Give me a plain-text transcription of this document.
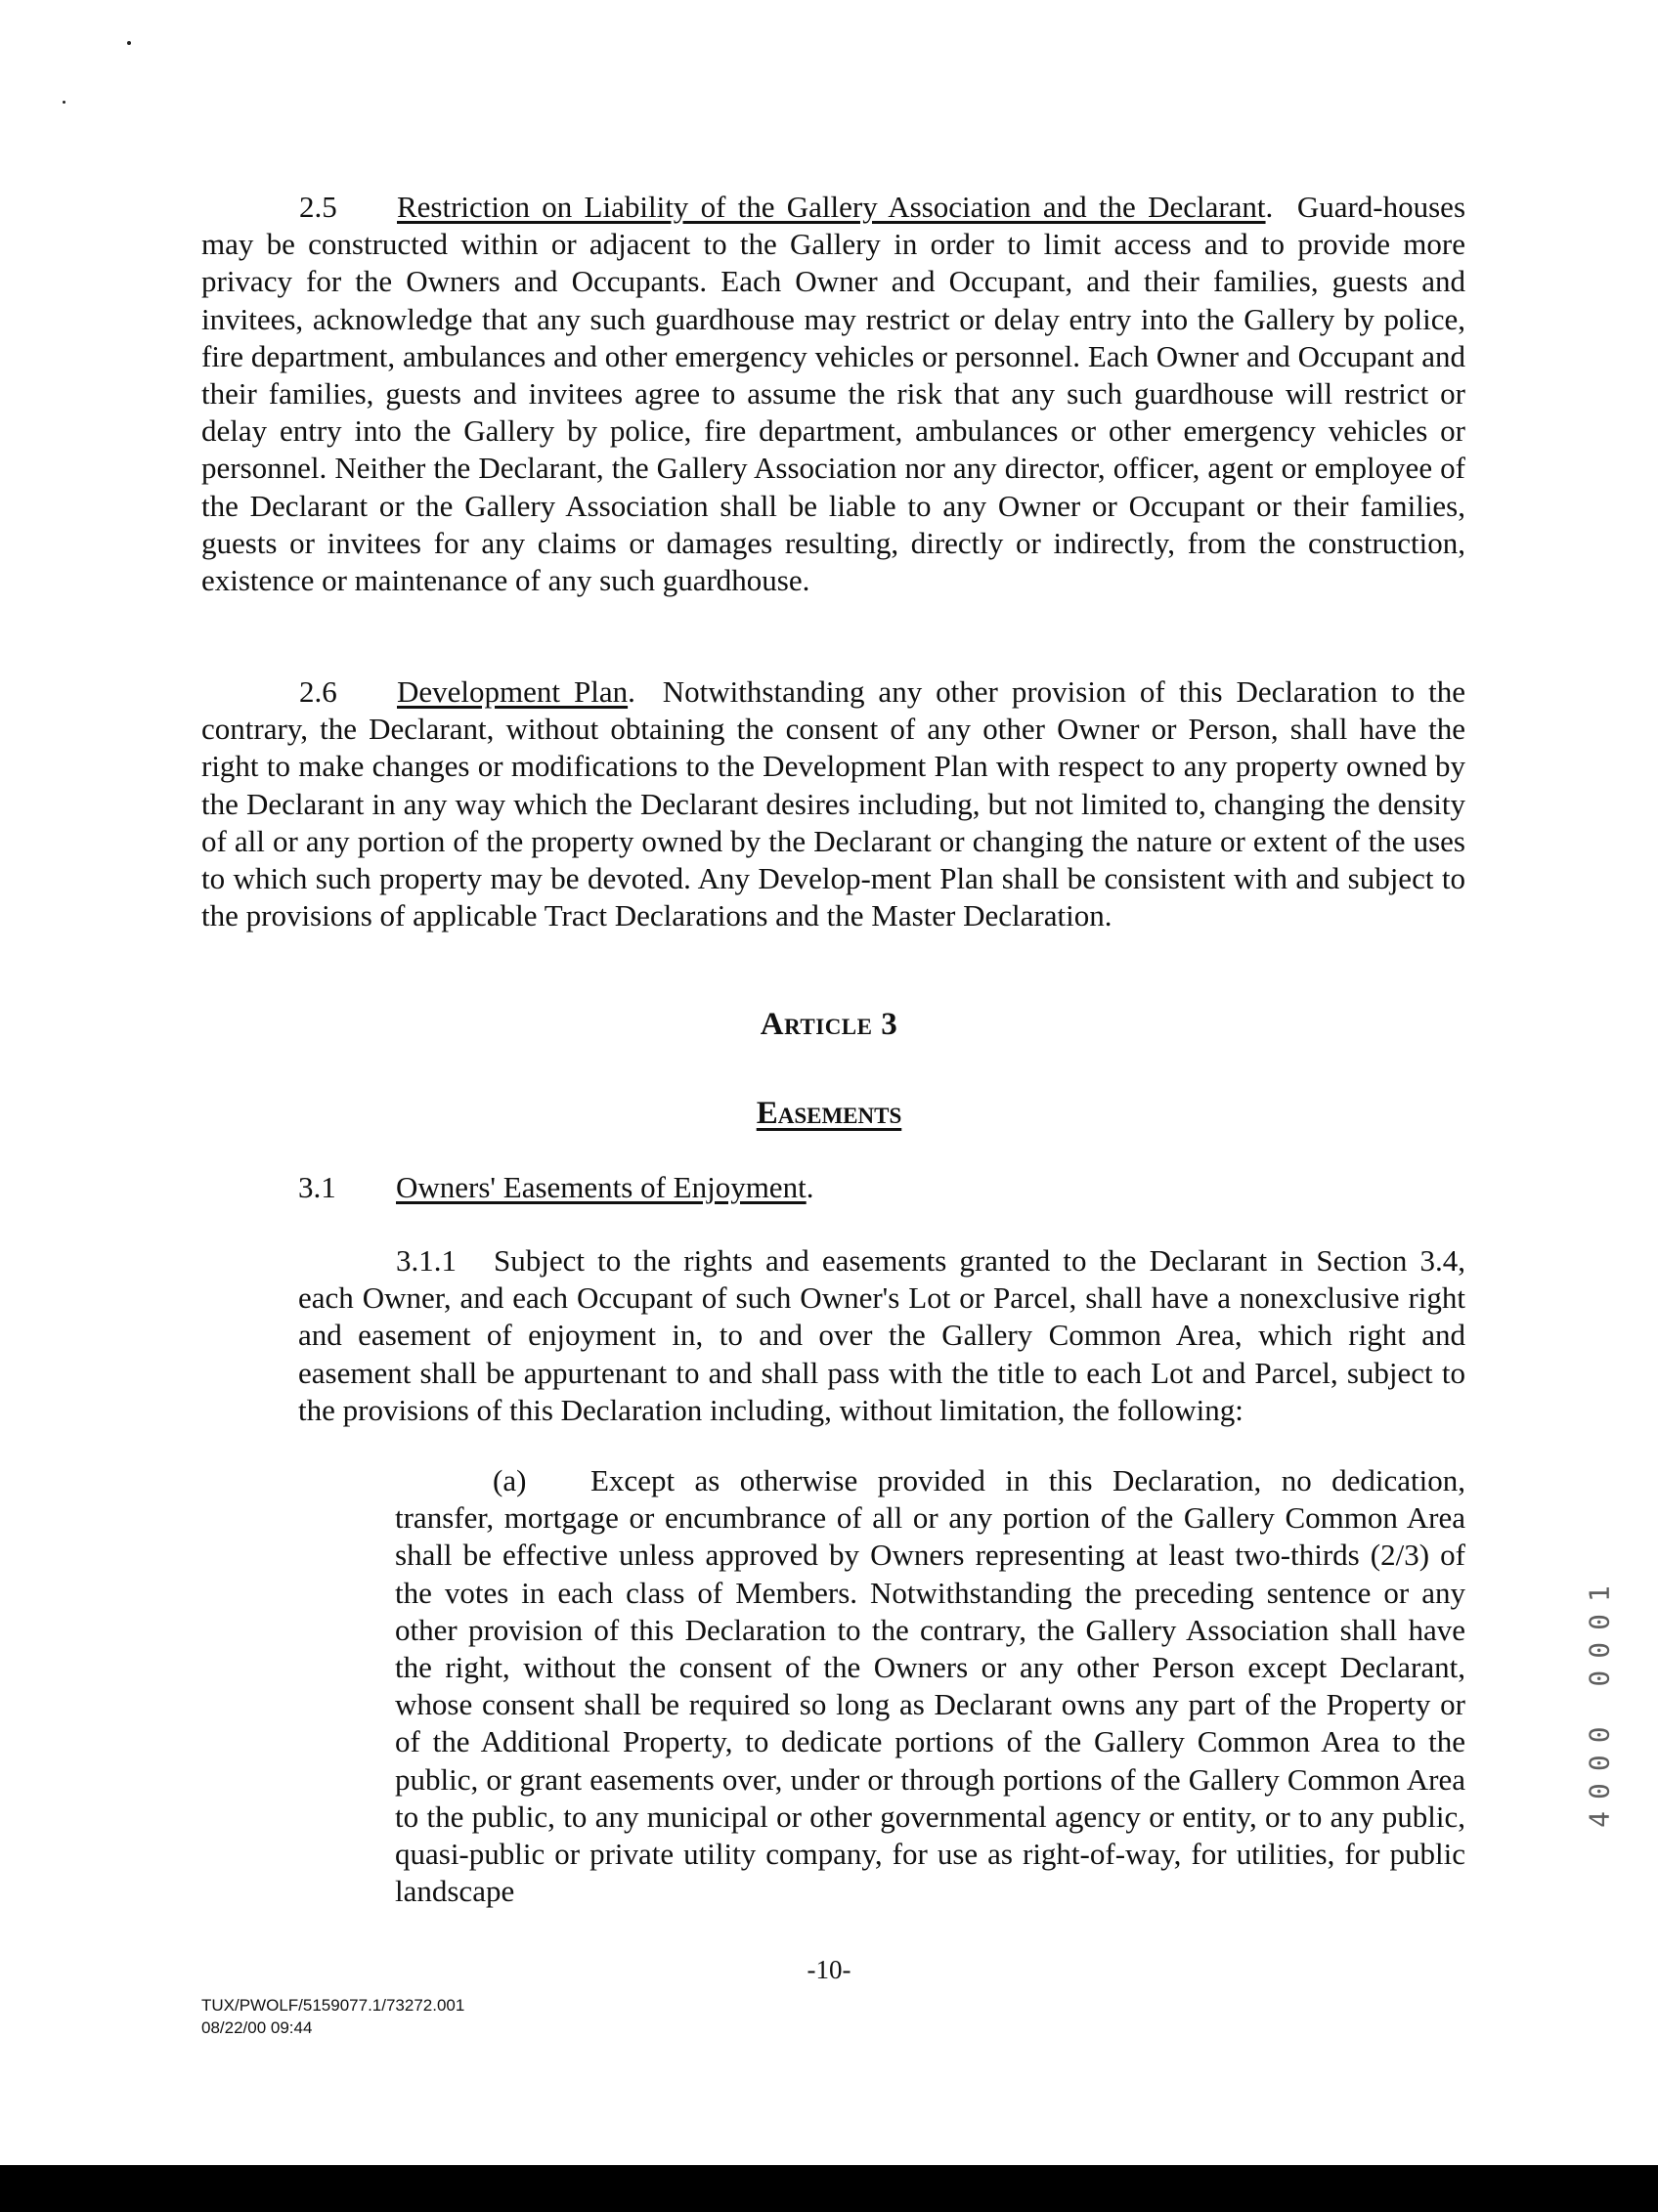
2.5 Restriction on Liability of the Gallery Association and the Declarant. Guard-houses may be constructed within or adjacent to the Gallery in order to limit access and to provide more privacy for the Owners and Occupants. Each Owner and Occupant, and their families, guests and invitees, acknowledge that any such guardhouse may restrict or delay entry into the Gallery by police, fire department, ambulances and other emergency vehicles or personnel. Each Owner and Occupant and their families, guests and invitees agree to assume the risk that any such guardhouse will restrict or delay entry into the Gallery by police, fire department, ambulances or other emergency vehicles or personnel. Neither the Declarant, the Gallery Association nor any director, officer, agent or employee of the Declarant or the Gallery Association shall be liable to any Owner or Occupant or their families, guests or invitees for any claims or damages resulting, directly or indirectly, from the construction, existence or maintenance of any such guardhouse.

2.6 Development Plan. Notwithstanding any other provision of this Declaration to the contrary, the Declarant, without obtaining the consent of any other Owner or Person, shall have the right to make changes or modifications to the Development Plan with respect to any property owned by the Declarant in any way which the Declarant desires including, but not limited to, changing the density of all or any portion of the property owned by the Declarant or changing the nature or extent of the uses to which such property may be devoted. Any Develop-ment Plan shall be consistent with and subject to the provisions of applicable Tract Declarations and the Master Declaration.

Article 3
Easements
3.1 Owners' Easements of Enjoyment.

3.1.1 Subject to the rights and easements granted to the Declarant in Section 3.4, each Owner, and each Occupant of such Owner's Lot or Parcel, shall have a nonexclusive right and easement of enjoyment in, to and over the Gallery Common Area, which right and easement shall be appurtenant to and shall pass with the title to each Lot and Parcel, subject to the provisions of this Declaration including, without limitation, the following:

(a) Except as otherwise provided in this Declaration, no dedication, transfer, mortgage or encumbrance of all or any portion of the Gallery Common Area shall be effective unless approved by Owners representing at least two-thirds (2/3) of the votes in each class of Members. Notwithstanding the preceding sentence or any other provision of this Declaration to the contrary, the Gallery Association shall have the right, without the consent of the Owners or any other Person except Declarant, whose consent shall be required so long as Declarant owns any part of the Property or of the Additional Property, to dedicate portions of the Gallery Common Area to the public, or grant easements over, under or through portions of the Gallery Common Area to the public, to any municipal or other governmental agency or entity, or to any public, quasi-public or private utility company, for use as right-of-way, for utilities, for public landscape

4000 0001
-10-
TUX/PWOLF/5159077.1/73272.001
08/22/00 09:44
